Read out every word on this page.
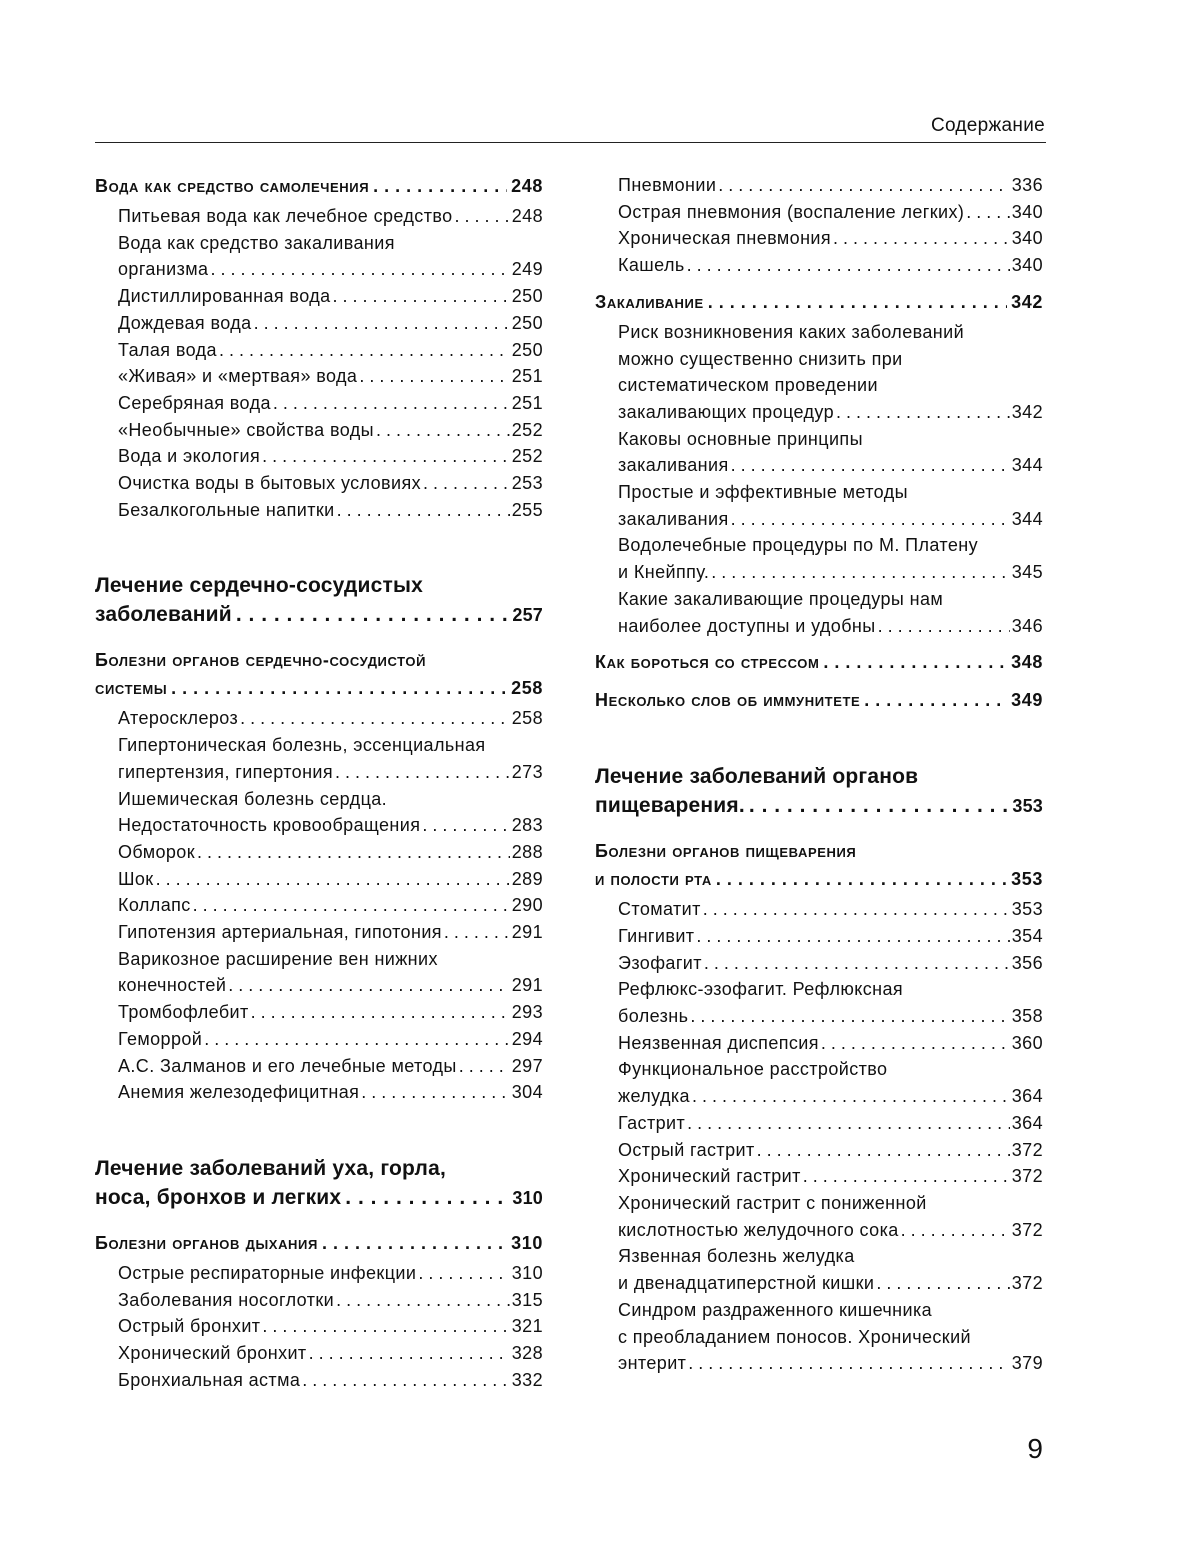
Содержание
Вода как средство самолечения . . .	248
Питьевая вода как лечебное средство . . .	248
Вода как средство закаливания
организма . . .	249
Дистиллированная вода . . .	250
Дождевая вода . . .	250
Талая вода . . .	250
«Живая» и «мертвая» вода . . .	251
Серебряная вода . . .	251
«Необычные» свойства воды . . .	252
Вода и экология . . .	252
Очистка воды в бытовых условиях . . .	253
Безалкогольные напитки . . .	255
Лечение сердечно-сосудистых
заболеваний . . .	257
Болезни органов сердечно-сосудистой
системы . . .	258
Атеросклероз . . .	258
Гипертоническая болезнь, эссенциальная
гипертензия, гипертония . . .	273
Ишемическая болезнь сердца.
Недостаточность кровообращения . . .	283
Обморок . . .	288
Шок . . .	289
Коллапс . . .	290
Гипотензия артериальная, гипотония . . .	291
Варикозное расширение вен нижних
конечностей . . .	291
Тромбофлебит . . .	293
Геморрой . . .	294
А.С. Залманов и его лечебные методы . . .	297
Анемия железодефицитная . . .	304
Лечение заболеваний уха, горла,
носа, бронхов и легких . . .	310
Болезни органов дыхания . . .	310
Острые респираторные инфекции . . .	310
Заболевания носоглотки . . .	315
Острый бронхит . . .	321
Хронический бронхит . . .	328
Бронхиальная астма . . .	332
Пневмонии . . .	336
Острая пневмония (воспаление легких) . . .	340
Хроническая пневмония . . .	340
Кашель . . .	340
Закаливание . . .	342
Риск возникновения каких заболеваний
можно существенно снизить при
систематическом проведении
закаливающих процедур . . .	342
Каковы основные принципы
закаливания . . .	344
Простые и эффективные методы
закаливания . . .	344
Водолечебные процедуры по М. Платену
и Кнейппу. . . .	345
Какие закаливающие процедуры нам
наиболее доступны и удобны . . .	346
Как бороться со стрессом . . .	348
Несколько слов об иммунитете . . .	349
Лечение заболеваний органов
пищеварения. . . .	353
Болезни органов пищеварения
и полости рта . . .	353
Стоматит . . .	353
Гингивит . . .	354
Эзофагит . . .	356
Рефлюкс-эзофагит. Рефлюксная
болезнь . . .	358
Неязвенная диспепсия . . .	360
Функциональное расстройство
желудка . . .	364
Гастрит . . .	364
Острый гастрит . . .	372
Хронический гастрит . . .	372
Хронический гастрит с пониженной
кислотностью желудочного сока . . .	372
Язвенная болезнь желудка
и двенадцатиперстной кишки . . .	372
Синдром раздраженного кишечника
с преобладанием поносов. Хронический
энтерит . . .	379
9
